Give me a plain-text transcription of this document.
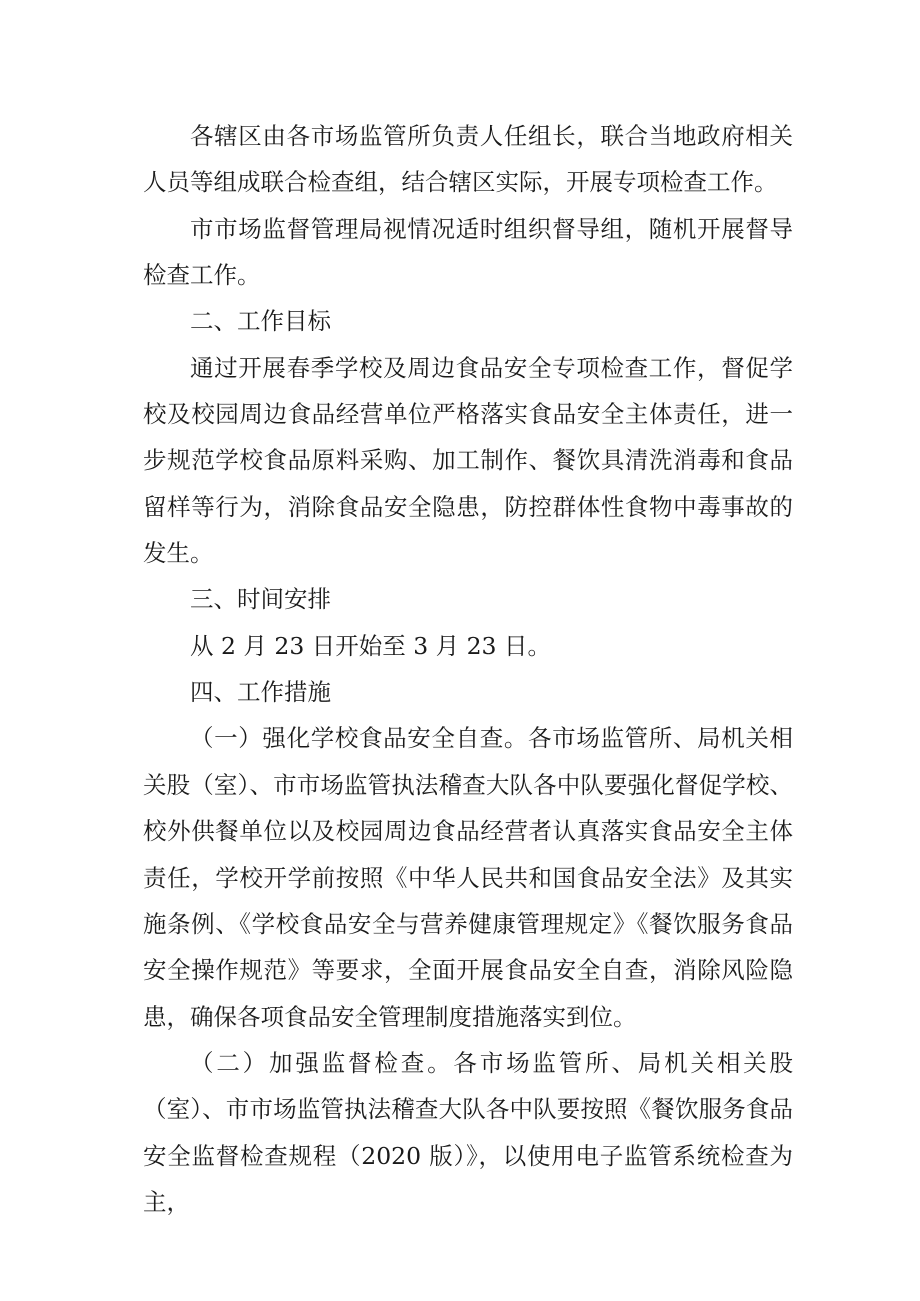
各辖区由各市场监管所负责人任组长，联合当地政府相关人员等组成联合检查组，结合辖区实际，开展专项检查工作。

市市场监督管理局视情况适时组织督导组，随机开展督导检查工作。

二、工作目标

通过开展春季学校及周边食品安全专项检查工作，督促学校及校园周边食品经营单位严格落实食品安全主体责任，进一步规范学校食品原料采购、加工制作、餐饮具清洗消毒和食品留样等行为，消除食品安全隐患，防控群体性食物中毒事故的发生。

三、时间安排

从 2 月 23 日开始至 3 月 23 日。

四、工作措施

（一）强化学校食品安全自查。各市场监管所、局机关相关股（室）、市市场监管执法稽查大队各中队要强化督促学校、校外供餐单位以及校园周边食品经营者认真落实食品安全主体责任，学校开学前按照《中华人民共和国食品安全法》及其实施条例、《学校食品安全与营养健康管理规定》《餐饮服务食品安全操作规范》等要求，全面开展食品安全自查，消除风险隐患，确保各项食品安全管理制度措施落实到位。

（二）加强监督检查。各市场监管所、局机关相关股（室）、市市场监管执法稽查大队各中队要按照《餐饮服务食品安全监督检查规程（2020 版）》，以使用电子监管系统检查为主，
